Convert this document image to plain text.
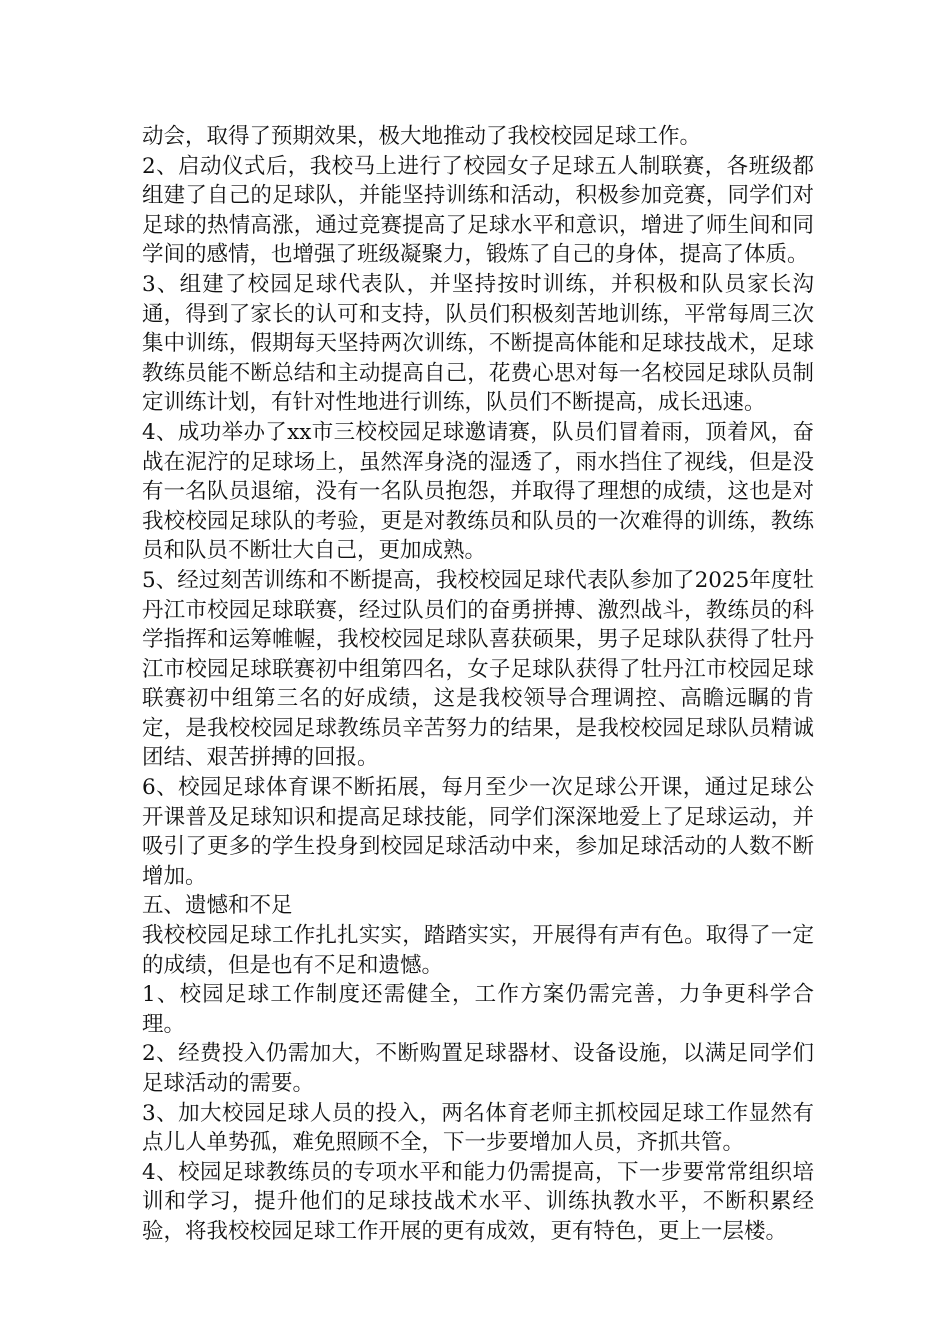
动会，取得了预期效果，极大地推动了我校校园足球工作。

2、启动仪式后，我校马上进行了校园女子足球五人制联赛，各班级都组建了自己的足球队，并能坚持训练和活动，积极参加竞赛，同学们对足球的热情高涨，通过竞赛提高了足球水平和意识，增进了师生间和同学间的感情，也增强了班级凝聚力，锻炼了自己的身体，提高了体质。

3、组建了校园足球代表队，并坚持按时训练，并积极和队员家长沟通，得到了家长的认可和支持，队员们积极刻苦地训练，平常每周三次集中训练，假期每天坚持两次训练，不断提高体能和足球技战术，足球教练员能不断总结和主动提高自己，花费心思对每一名校园足球队员制定训练计划，有针对性地进行训练，队员们不断提高，成长迅速。

4、成功举办了xx市三校校园足球邀请赛，队员们冒着雨，顶着风，奋战在泥泞的足球场上，虽然浑身浇的湿透了，雨水挡住了视线，但是没有一名队员退缩，没有一名队员抱怨，并取得了理想的成绩，这也是对我校校园足球队的考验，更是对教练员和队员的一次难得的训练，教练员和队员不断壮大自己，更加成熟。

5、经过刻苦训练和不断提高，我校校园足球代表队参加了2025年度牡丹江市校园足球联赛，经过队员们的奋勇拼搏、激烈战斗，教练员的科学指挥和运筹帷幄，我校校园足球队喜获硕果，男子足球队获得了牡丹江市校园足球联赛初中组第四名，女子足球队获得了牡丹江市校园足球联赛初中组第三名的好成绩，这是我校领导合理调控、高瞻远瞩的肯定，是我校校园足球教练员辛苦努力的结果，是我校校园足球队员精诚团结、艰苦拼搏的回报。

6、校园足球体育课不断拓展，每月至少一次足球公开课，通过足球公开课普及足球知识和提高足球技能，同学们深深地爱上了足球运动，并吸引了更多的学生投身到校园足球活动中来，参加足球活动的人数不断增加。

五、遗憾和不足

我校校园足球工作扎扎实实，踏踏实实，开展得有声有色。取得了一定的成绩，但是也有不足和遗憾。

1、校园足球工作制度还需健全，工作方案仍需完善，力争更科学合理。

2、经费投入仍需加大，不断购置足球器材、设备设施，以满足同学们足球活动的需要。

3、加大校园足球人员的投入，两名体育老师主抓校园足球工作显然有点儿人单势孤，难免照顾不全，下一步要增加人员，齐抓共管。

4、校园足球教练员的专项水平和能力仍需提高，下一步要常常组织培训和学习，提升他们的足球技战术水平、训练执教水平，不断积累经验，将我校校园足球工作开展的更有成效，更有特色，更上一层楼。
